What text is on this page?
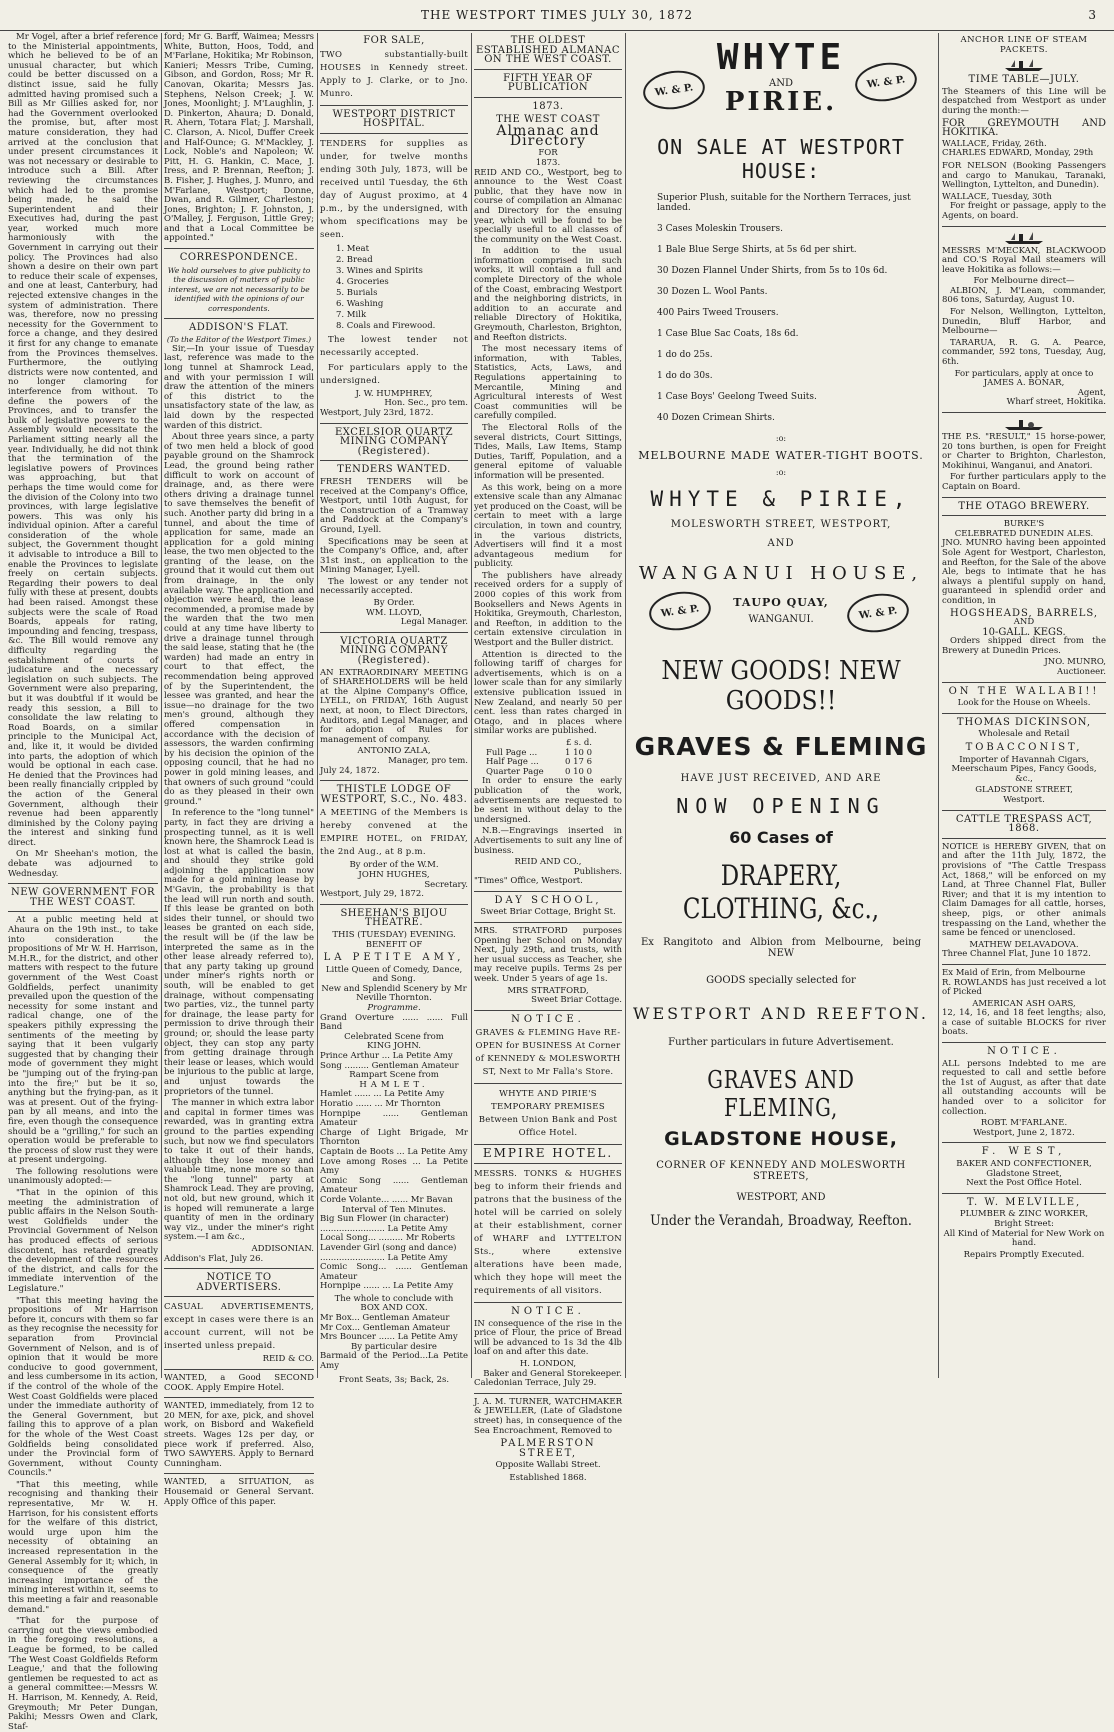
THE WESTPORT TIMES JULY 30, 1872	3

Mr Vogel, after a brief reference to the Ministerial appointments, which he believed to be of an unusual character, but which could be better discussed on a distinct issue, said he fully admitted having promised such a Bill as Mr Gillies asked for, nor had the Government overlooked the promise, but, after most mature consideration, they had arrived at the conclusion that under present circumstances it was not necessary or desirable to introduce such a Bill. After reviewing the circumstances which had led to the promise being made, he said the Superintendent and their Executives had, during the past year, worked much more harmoniously with the Government in carrying out their policy. The Provinces had also shown a desire on their own part to reduce their scale of expenses, and one at least, Canterbury, had rejected extensive changes in the system of administration. There was, therefore, now no pressing necessity for the Government to force a change, and they desired it first for any change to emanate from the Provinces themselves. Furthermore, the outlying districts were now contented, and no longer clamoring for interference from without. To define the powers of the Provinces, and to transfer the bulk of legislative powers to the Assembly would necessitate the Parliament sitting nearly all the year. Individually, he did not think that the termination of the legislative powers of Provinces was approaching, but that perhaps the time would come for the division of the Colony into two provinces, with large legislative powers. This was only his individual opinion. After a careful consideration of the whole subject, the Government thought it advisable to introduce a Bill to enable the Provinces to legislate freely on certain subjects. Regarding their powers to deal fully with these at present, doubts had been raised. Amongst these subjects were the scale of Road Boards, appeals for rating, impounding and fencing, trespass, &c. The Bill would remove any difficulty regarding the establishment of courts of judicature and the necessary legislation on such subjects. The Government were also preparing, but it was doubtful if it would be ready this session, a Bill to consolidate the law relating to Road Boards, on a similar principle to the Municipal Act, and, like it, it would be divided into parts, the adoption of which would be optional in each case. He denied that the Provinces had been really financially crippled by the action of the General Government, although their revenue had been apparently diminished by the Colony paying the interest and sinking fund direct.

On Mr Sheehan's motion, the debate was adjourned to Wednesday.

NEW GOVERNMENT FOR THE WEST COAST.

At a public meeting held at Ahaura on the 19th inst., to take into consideration the propositions of Mr W. H. Harrison, M.H.R., for the district, and other matters with respect to the future government of the West Coast Goldfields, perfect unanimity prevailed upon the question of the necessity for some instant and radical change, one of the speakers pithily expressing the sentiments of the meeting by saying that it been vulgarly suggested that by changing their mode of government they might be "jumping out of the frying-pan into the fire;" but be it so, anything but the frying-pan, as it was at present. Out of the frying-pan by all means, and into the fire, even though the consequence should be a "grilling," for such an operation would be preferable to the process of slow rust they were at present undergoing.

The following resolutions were unanimously adopted:—

"That in the opinion of this meeting the administration of public affairs in the Nelson South-west Goldfields under the Provincial Government of Nelson has produced effects of serious discontent, has retarded greatly the development of the resources of the district, and calls for the immediate intervention of the Legislature."

"That this meeting having the propositions of Mr Harrison before it, concurs with them so far as they recognise the necessity for separation from Provincial Government of Nelson, and is of opinion that it would be more conducive to good government, and less cumbersome in its action, if the control of the whole of the West Coast Goldfields were placed under the immediate authority of the General Government, but failing this to approve of a plan for the whole of the West Coast Goldfields being consolidated under the Provincial form of Government, without County Councils."

"That this meeting, while recognising and thanking their representative, Mr W. H. Harrison, for his consistent efforts for the welfare of this district, would urge upon him the necessity of obtaining an increased representation in the General Assembly for it; which, in consequence of the greatly increasing importance of the mining interest within it, seems to this meeting a fair and reasonable demand."

"That for the purpose of carrying out the views embodied in the foregoing resolutions, a League be formed, to be called 'The West Coast Goldfields Reform League,' and that the following gentlemen be requested to act as a general committee:—Messrs W. H. Harrison, M. Kennedy, A. Reid, Greymouth; Mr Peter Dungan, Pakihi; Messrs Owen and Clark, Staf-

ford; Mr G. Barff, Waimea; Messrs White, Button, Hoos, Todd, and M'Farlane, Hokitika; Mr Robinson, Kanieri; Messrs Tribe, Cuming, Gibson, and Gordon, Ross; Mr R. Canovan, Okarita; Messrs Jas. Stephens, Nelson Creek; J. W. Jones, Moonlight; J. M'Laughlin, J. D. Pinkerton, Ahaura; D. Donald, R. Ahern, Totara Flat; J. Marshall, C. Clarson, A. Nicol, Duffer Creek and Half-Ounce; G. M'Mackley, J. Lock, Noble's and Napoleon; W. Pitt, H. G. Hankin, C. Mace, J. Iress, and P. Brennan, Reefton; J. B. Fisher, J. Hughes, J. Munro, and M'Farlane, Westport; Donne, Dwan, and R. Gilmer, Charleston; Jones, Brighton; J. F. Johnston, J. O'Malley, J. Ferguson, Little Grey; and that a Local Committee be appointed."

CORRESPONDENCE.
We hold ourselves to give publicity to the discussion of matters of public interest, we are not necessarily to be identified with the opinions of our correspondents.
ADDISON'S FLAT.
(To the Editor of the Westport Times.)

Sir,—In your issue of Tuesday last, reference was made to the long tunnel at Shamrock Lead, and with your permission I will draw the attention of the miners of this district to the unsatisfactory state of the law, as laid down by the respected warden of this district.

About three years since, a party of two men held a block of good payable ground on the Shamrock Lead, the ground being rather difficult to work on account of drainage, and, as there were others driving a drainage tunnel to save themselves the benefit of such. Another party did bring in a tunnel, and about the time of application for same, made an application for a gold mining lease, the two men objected to the granting of the lease, on the ground that it would cut them out from drainage, in the only available way. The application and objection were heard, the lease recommended, a promise made by the warden that the two men could at any time have liberty to drive a drainage tunnel through the said lease, stating that he (the warden) had made an entry in court to that effect, the recommendation being approved of by the Superintendent, the lessee was granted, and hear the issue—no drainage for the two men's ground, although they offered compensation in accordance with the decision of assessors, the warden confirming by his decision the opinion of the opposing council, that he had no power in gold mining leases, and that owners of such ground "could do as they pleased in their own ground."

In reference to the "long tunnel" party, in fact they are driving a prospecting tunnel, as it is well known here, the Shamrock Lead is lost at what is called the basin, and should they strike gold adjoining the application now made for a gold mining lease by M'Gavin, the probability is that the lead will run north and south. If this lease be granted on both sides their tunnel, or should two leases be granted on each side, the result will be (if the law be interpreted the same as in the other lease already referred to), that any party taking up ground under miner's rights north or south, will be enabled to get drainage, without compensating two parties, viz., the tunnel party for drainage, the lease party for permission to drive through their ground; or, should the lease party object, they can stop any party from getting drainage through their lease or leases, which would be injurious to the public at large, and unjust towards the proprietors of the tunnel.

The manner in which extra labor and capital in former times was rewarded, was in granting extra ground to the parties expending such, but now we find speculators to take it out of their hands, although they lose money and valuable time, none more so than the "long tunnel" party at Shamrock Lead. They are proving, not old, but new ground, which it is hoped will remunerate a large quantity of men in the ordinary way viz., under the miner's right system.—I am &c.,

ADDISONIAN.
Addison's Flat, July 26.
NOTICE TO ADVERTISERS.

CASUAL ADVERTISEMENTS, except in cases were there is an account current, will not be inserted unless prepaid.

REID & CO.

WANTED, a Good SECOND COOK. Apply Empire Hotel.

WANTED, immediately, from 12 to 20 MEN, for axe, pick, and shovel work, on Bisbord and Wakefield streets. Wages 12s per day, or piece work if preferred. Also, TWO SAWYERS. Apply to Bernard Cunningham.

WANTED, a SITUATION, as Housemaid or General Servant. Apply Office of this paper.

FOR SALE,

TWO substantially-built HOUSES in Kennedy street. Apply to J. Clarke, or to Jno. Munro.

WESTPORT DISTRICT HOSPITAL.

TENDERS for supplies as under, for twelve months ending 30th July, 1873, will be received until Tuesday, the 6th day of August proximo, at 4 p.m., by the undersigned, with whom specifications may be seen.

1. Meat
2. Bread
3. Wines and Spirits
4. Groceries
5. Burials
6. Washing
7. Milk
8. Coals and Firewood.

The lowest tender not necessarily accepted.

For particulars apply to the undersigned.

J. W. HUMPHREY,
Hon. Sec., pro tem.
Westport, July 23rd, 1872.
EXCELSIOR QUARTZ MINING COMPANY (Registered).
TENDERS WANTED.

FRESH TENDERS will be received at the Company's Office, Westport, until 10th August, for the Construction of a Tramway and Paddock at the Company's Ground, Lyell.

Specifications may be seen at the Company's Office, and, after 31st inst., on application to the Mining Manager, Lyell.

The lowest or any tender not necessarily accepted.

By Order.
WM. LLOYD,
Legal Manager.
VICTORIA QUARTZ MINING COMPANY (Registered).

AN EXTRAORDINARY MEETING of SHAREHOLDERS will be held at the Alpine Company's Office, LYELL, on FRIDAY, 16th August next, at noon, to Elect Directors, Auditors, and Legal Manager, and for adoption of Rules for management of company.

ANTONIO ZALA,
Manager, pro tem.
July 24, 1872.
THISTLE LODGE OF WESTPORT, S.C., No. 483.

A MEETING of the Members is hereby convened at the EMPIRE HOTEL, on FRIDAY, the 2nd Aug., at 8 p.m.

By order of the W.M.
JOHN HUGHES,
Secretary.
Westport, July 29, 1872.
SHEEHAN'S BIJOU THEATRE.
THIS (TUESDAY) EVENING.
BENEFIT OF
LA PETITE AMY,
Little Queen of Comedy, Dance, and Song.
New and Splendid Scenery by Mr Neville Thornton.
Programme.
Grand Overture ...... ...... Full Band
Celebrated Scene from
KING JOHN.
Prince Arthur ... La Petite Amy
Song ......... Gentleman Amateur
Rampart Scene from
HAMLET.
Hamlet ...... ... La Petite Amy
Horatio ...... ... Mr Thornton
Hornpipe ...... Gentleman Amateur
Charge of Light Brigade, Mr Thornton
Captain de Boots ... La Petite Amy
Love among Roses ... La Petite Amy
Comic Song ...... Gentleman Amateur
Corde Volante... ...... Mr Bavan
Interval of Ten Minutes.
Big Sun Flower (in character)
........................ La Petite Amy
Local Song... ......... Mr Roberts
Lavender Girl (song and dance)
........................ La Petite Amy
Comic Song... ...... Gentleman Amateur
Hornpipe ...... ... La Petite Amy
The whole to conclude with
BOX AND COX.
Mr Box... Gentleman Amateur
Mr Cox... Gentleman Amateur
Mrs Bouncer ...... La Petite Amy
By particular desire
Barmaid of the Period...La Petite Amy
Front Seats, 3s; Back, 2s.
THE OLDEST ESTABLISHED ALMANAC ON THE WEST COAST.
FIFTH YEAR OF PUBLICATION
1873.
THE WEST COAST
Almanac and Directory
FOR
1873.

REID AND CO., Westport, beg to announce to the West Coast public, that they have now in course of compilation an Almanac and Directory for the ensuing year, which will be found to be specially useful to all classes of the community on the West Coast.

In addition to the usual information comprised in such works, it will contain a full and complete Directory of the whole of the Coast, embracing Westport and the neighboring districts, in addition to an accurate and reliable Directory of Hokitika, Greymouth, Charleston, Brighton, and Reefton districts.

The most necessary items of information, with Tables, Statistics, Acts, Laws, and Regulations appertaining to Mercantile, Mining and Agricultural interests of West Coast communities will be carefully compiled.

The Electoral Rolls of the several districts, Court Sittings, Tides, Mails, Law Items, Stamp Duties, Tariff, Population, and a general epitome of valuable information will be presented.

As this work, being on a more extensive scale than any Almanac yet produced on the Coast, will be certain to meet with a large circulation, in town and country, in the various districts, Advertisers will find it a most advantageous medium for publicity.

The publishers have already received orders for a supply of 2000 copies of this work from Booksellers and News Agents in Hokitika, Greymouth, Charleston, and Reefton, in addition to the certain extensive circulation in Westport and the Buller district.

Attention is directed to the following tariff of charges for advertisements, which is on a lower scale than for any similarly extensive publication issued in New Zealand, and nearly 50 per cent. less than rates charged in Otago, and in places where similar works are published.

£ s. d.
Full Page ...	1 10 0
Half Page ...	0 17 6
Quarter Page	0 10 0

In order to ensure the early publication of the work, advertisements are requested to be sent in without delay to the undersigned.

N.B.—Engravings inserted in Advertisements to suit any line of business.

REID AND CO.,
Publishers.
"Times" Office, Westport.
DAY SCHOOL,
Sweet Briar Cottage, Bright St.

MRS. STRATFORD purposes Opening her School on Monday Next, July 29th, and trusts, with her usual success as Teacher, she may receive pupils. Terms 2s per week. Under 5 years of age 1s.

MRS STRATFORD,
Sweet Briar Cottage.
NOTICE.

GRAVES & FLEMING Have RE-OPEN for BUSINESS At Corner of KENNEDY & MOLESWORTH ST, Next to Mr Falla's Store.

WHYTE AND PIRIE'S TEMPORARY PREMISES Between Union Bank and Post Office Hotel.

EMPIRE HOTEL.

MESSRS. TONKS & HUGHES beg to inform their friends and patrons that the business of the hotel will be carried on solely at their establishment, corner of WHARF and LYTTELTON Sts., where extensive alterations have been made, which they hope will meet the requirements of all visitors.

NOTICE.

IN consequence of the rise in the price of Flour, the price of Bread will be advanced to 1s 3d the 4lb loaf on and after this date.

H. LONDON,
Baker and General Storekeeper.
Caledonian Terrace, July 29.

J. A. M. TURNER, WATCHMAKER & JEWELLER, (Late of Gladstone street) has, in consequence of the Sea Encroachment, Removed to

PALMERSTON STREET,
Opposite Wallabi Street.
Established 1868.
W. & P.	W. & P.
WHYTE
AND
PIRIE.
ON SALE AT WESTPORT HOUSE:
Superior Plush, suitable for the Northern Terraces, just landed.
3 Cases Moleskin Trousers.
1 Bale Blue Serge Shirts, at 5s 6d per shirt.
30 Dozen Flannel Under Shirts, from 5s to 10s 6d.
30 Dozen L. Wool Pants.
400 Pairs Tweed Trousers.
1 Case Blue Sac Coats, 18s 6d.
1 do do 25s.
1 do do 30s.
1 Case Boys' Geelong Tweed Suits.
40 Dozen Crimean Shirts.
:o:
MELBOURNE MADE WATER-TIGHT BOOTS.
:o:
WHYTE & PIRIE,
MOLESWORTH STREET, WESTPORT,
AND
WANGANUI HOUSE,
W. & P.	W. & P.
TAUPO QUAY,
WANGANUI.
NEW GOODS! NEW GOODS!!
GRAVES & FLEMING
HAVE JUST RECEIVED, AND ARE
NOW OPENING
60 Cases of
DRAPERY, CLOTHING, &c.,
Ex Rangitoto and Albion from Melbourne, being NEW
GOODS specially selected for
WESTPORT AND REEFTON.
Further particulars in future Advertisement.
GRAVES AND FLEMING,
GLADSTONE HOUSE,
CORNER OF KENNEDY AND MOLESWORTH STREETS,
WESTPORT, AND
Under the Verandah, Broadway, Reefton.
ANCHOR LINE OF STEAM PACKETS.
TIME TABLE—JULY.

The Steamers of this Line will be despatched from Westport as under during the month:—

FOR GREYMOUTH AND HOKITIKA.

WALLACE, Friday, 26th.
CHARLES EDWARD, Monday, 29th

FOR NELSON (Booking Passengers and cargo to Manukau, Taranaki, Wellington, Lyttelton, and Dunedin).

WALLACE, Tuesday, 30th

For freight or passage, apply to the Agents, on board.

MESSRS M'MECKAN, BLACKWOOD and CO.'S Royal Mail steamers will leave Hokitika as follows:—

For Melbourne direct—

ALBION, J. M'Lean, commander, 806 tons, Saturday, August 10.

For Nelson, Wellington, Lyttelton, Dunedin, Bluff Harbor, and Melbourne—

TARARUA, R. G. A. Pearce, commander, 592 tons, Tuesday, Aug, 6th.

For particulars, apply at once to
JAMES A. BONAR,
Agent,
Wharf street, Hokitika.

THE P.S. "RESULT," 15 horse-power, 20 tons burthen, is open for Freight or Charter to Brighton, Charleston, Mokihinui, Wanganui, and Anatori.

For further particulars apply to the Captain on Board.

THE OTAGO BREWERY.
BURKE'S
CELEBRATED DUNEDIN ALES.

JNO. MUNRO having been appointed Sole Agent for Westport, Charleston, and Reefton, for the Sale of the above Ale, begs to intimate that he has always a plentiful supply on hand, guaranteed in splendid order and condition, in

HOGSHEADS, BARRELS,
AND
10-GALL. KEGS.

Orders shipped direct from the Brewery at Dunedin Prices.

JNO. MUNRO,
Auctioneer.
ON THE WALLABI!!
Look for the House on Wheels.
THOMAS DICKINSON,
Wholesale and Retail
TOBACCONIST,

Importer of Havannah Cigars, Meerschaum Pipes, Fancy Goods, &c.,

GLADSTONE STREET,
Westport.
CATTLE TRESPASS ACT, 1868.

NOTICE is HEREBY GIVEN, that on and after the 11th July, 1872, the provisions of "The Cattle Trespass Act, 1868," will be enforced on my Land, at Three Channel Flat, Buller River; and that it is my intention to Claim Damages for all cattle, horses, sheep, pigs, or other animals trespassing on the Land, whether the same be fenced or unenclosed.

MATHEW DELAVADOVA.
Three Channel Flat, June 10 1872.
Ex Maid of Erin, from Melbourne

R. ROWLANDS has just received a lot of Picked

AMERICAN ASH OARS,

12, 14, 16, and 18 feet lengths; also, a case of suitable BLOCKS for river boats.

NOTICE.

ALL persons Indebted to me are requested to call and settle before the 1st of August, as after that date all outstanding accounts will be handed over to a solicitor for collection.

ROBT. M'FARLANE.
Westport, June 2, 1872.
F. WEST,
BAKER AND CONFECTIONER,
Gladstone Street,
Next the Post Office Hotel.
T. W. MELVILLE,
PLUMBER & ZINC WORKER,
Bright Street:

All Kind of Material for New Work on hand.

Repairs Promptly Executed.
